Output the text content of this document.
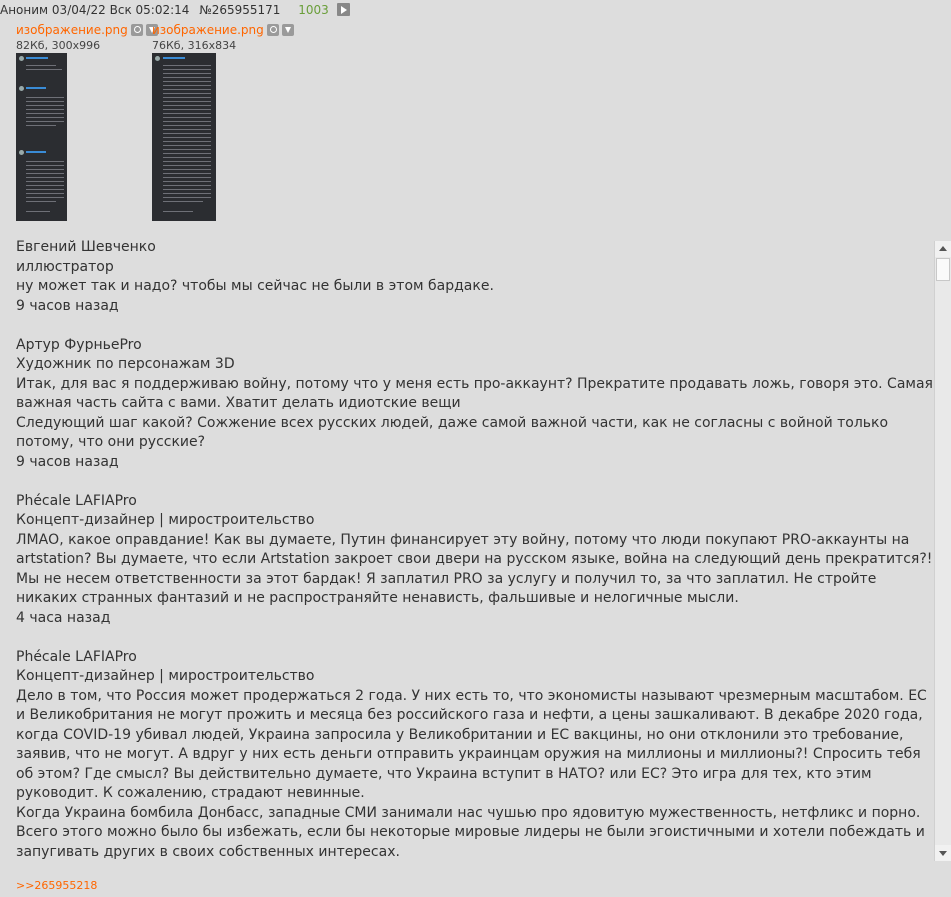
Аноним 03/04/22 Вск 05:02:14 №265955171 1003
изображение.png
82Кб, 300x996
изображение.png
76Кб, 316x834

Евгений Шевченко

иллюстратор

ну может так и надо? чтобы мы сейчас не были в этом бардаке.

9 часов назад

Артур ФурньеPro

Художник по персонажам 3D

Итак, для вас я поддерживаю войну, потому что у меня есть про-аккаунт? Прекратите продавать ложь, говоря это. Самая важная часть сайта с вами. Хватит делать идиотские вещи

Следующий шаг какой? Сожжение всех русских людей, даже самой важной части, как не согласны с войной только потому, что они русские?

9 часов назад

Phécale LAFIAPro

Концепт-дизайнер | миростроительство

ЛМАО, какое оправдание! Как вы думаете, Путин финансирует эту войну, потому что люди покупают PRO-аккаунты на artstation? Вы думаете, что если Artstation закроет свои двери на русском языке, война на следующий день прекратится?! Мы не несем ответственности за этот бардак! Я заплатил PRO за услугу и получил то, за что заплатил. Не стройте никаких странных фантазий и не распространяйте ненависть, фальшивые и нелогичные мысли.

4 часа назад

Phécale LAFIAPro

Концепт-дизайнер | миростроительство

Дело в том, что Россия может продержаться 2 года. У них есть то, что экономисты называют чрезмерным масштабом. ЕС и Великобритания не могут прожить и месяца без российского газа и нефти, а цены зашкаливают. В декабре 2020 года, когда COVID-19 убивал людей, Украина запросила у Великобритании и ЕС вакцины, но они отклонили это требование, заявив, что не могут. А вдруг у них есть деньги отправить украинцам оружия на миллионы и миллионы?! Спросить тебя об этом? Где смысл? Вы действительно думаете, что Украина вступит в НАТО? или ЕС? Это игра для тех, кто этим руководит. К сожалению, страдают невинные.

Когда Украина бомбила Донбасс, западные СМИ занимали нас чушью про ядовитую мужественность, нетфликс и порно. Всего этого можно было бы избежать, если бы некоторые мировые лидеры не были эгоистичными и хотели побеждать и запугивать других в своих собственных интересах.

>>265955218
